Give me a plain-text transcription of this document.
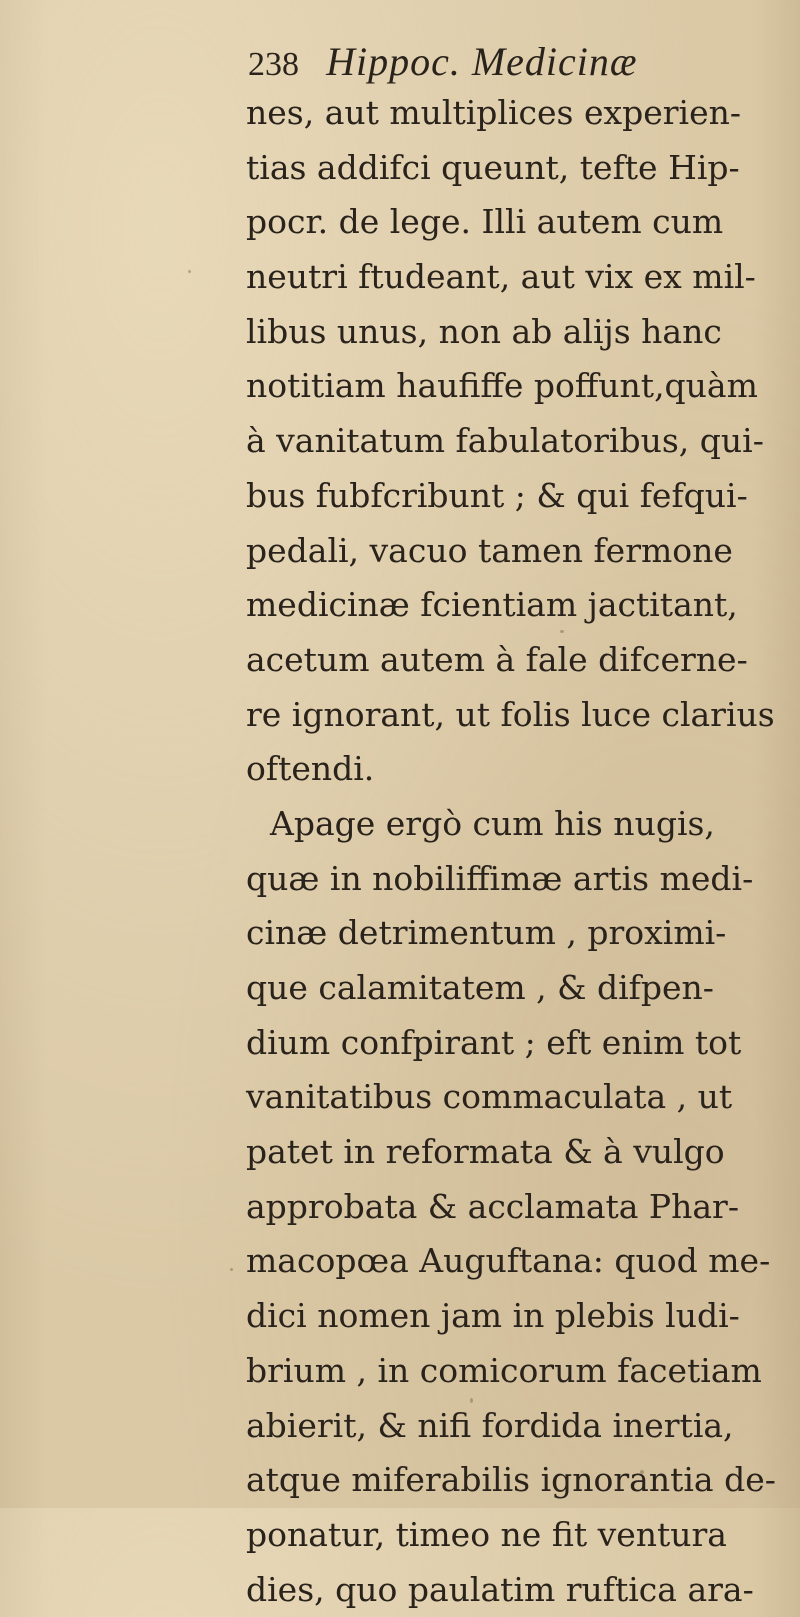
238 Hippoc. Medicinæ
nes, aut multiplices experien-
tias addifci queunt, tefte Hip-
pocr. de lege. Illi autem cum
neutri ftudeant, aut vix ex mil-
libus unus, non ab alijs hanc
notitiam haufiffe poffunt,quàm
à vanitatum fabulatoribus, qui-
bus fubfcribunt ; & qui fefqui-
pedali, vacuo tamen fermone
medicinæ fcientiam jactitant,
acetum autem à fale difcerne-
re ignorant, ut folis luce clarius
oftendi.
Apage ergò cum his nugis,
quæ in nobiliffimæ artis medi-
cinæ detrimentum , proximi-
que calamitatem , & difpen-
dium confpirant ; eft enim tot
vanitatibus commaculata , ut
patet in reformata & à vulgo
approbata & acclamata Phar-
macopœa Auguftana: quod me-
dici nomen jam in plebis ludi-
brium , in comicorum facetiam
abierit, & nifi fordida inertia,
atque miferabilis ignorantia de-
ponatur, timeo ne fit ventura
dies, quo paulatim ruftica ara-
